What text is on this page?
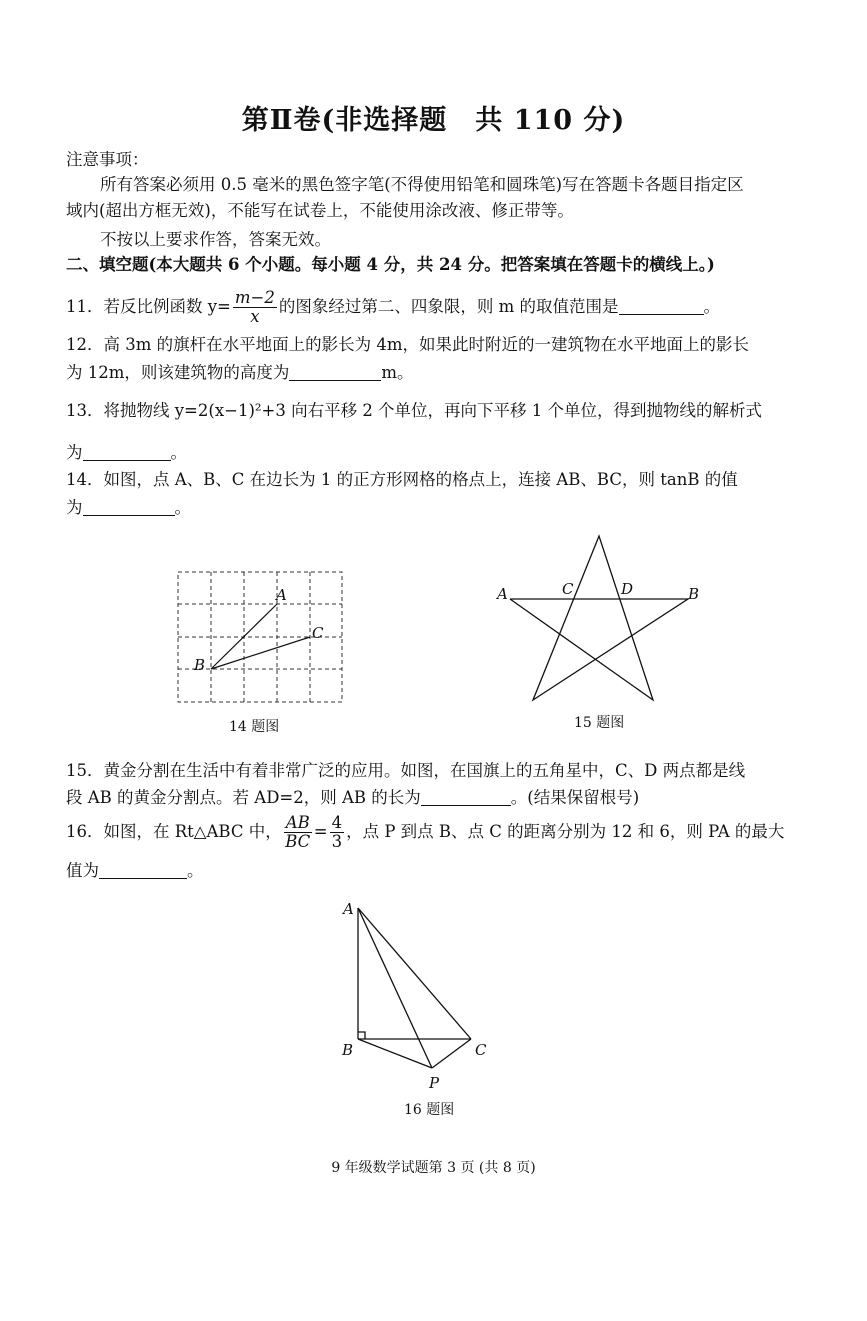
第Ⅱ卷(非选择题　共 110 分)
注意事项：
所有答案必须用 0.5 毫米的黑色签字笔(不得使用铅笔和圆珠笔)写在答题卡各题目指定区
域内(超出方框无效)，不能写在试卷上，不能使用涂改液、修正带等。
不按以上要求作答，答案无效。
二、填空题(本大题共 6 个小题。每小题 4 分，共 24 分。把答案填在答题卡的横线上。)
11．若反比例函数 $y= \frac{m-2}{x}$ 的图象经过第二、四象限，则 m 的取值范围是	。
12．高 3m 的旗杆在水平地面上的影长为 4m，如果此时附近的一建筑物在水平地面上的影长
为 12m，则该建筑物的高度为	m。
13．将抛物线 y=2(x−1)²+3 向右平移 2 个单位，再向下平移 1 个单位，得到抛物线的解析式
为	。
14．如图，点 A、B、C 在边长为 1 的正方形网格的格点上，连接 AB、BC，则 tanB 的值
为	。
A
B
C
14 题图
A	C	D	B
15 题图
15．黄金分割在生活中有着非常广泛的应用。如图，在国旗上的五角星中，C、D 两点都是线
段 AB 的黄金分割点。若 AD=2，则 AB 的长为	。(结果保留根号)
16．如图，在 Rt△ABC 中， $\frac{AB}{BC} = \frac{4}{3}$ ，点 P 到点 B、点 C 的距离分别为 12 和 6，则 PA 的最大
值为	。
A
B	C
P
16 题图
9 年级数学试题第 3 页 (共 8 页)
